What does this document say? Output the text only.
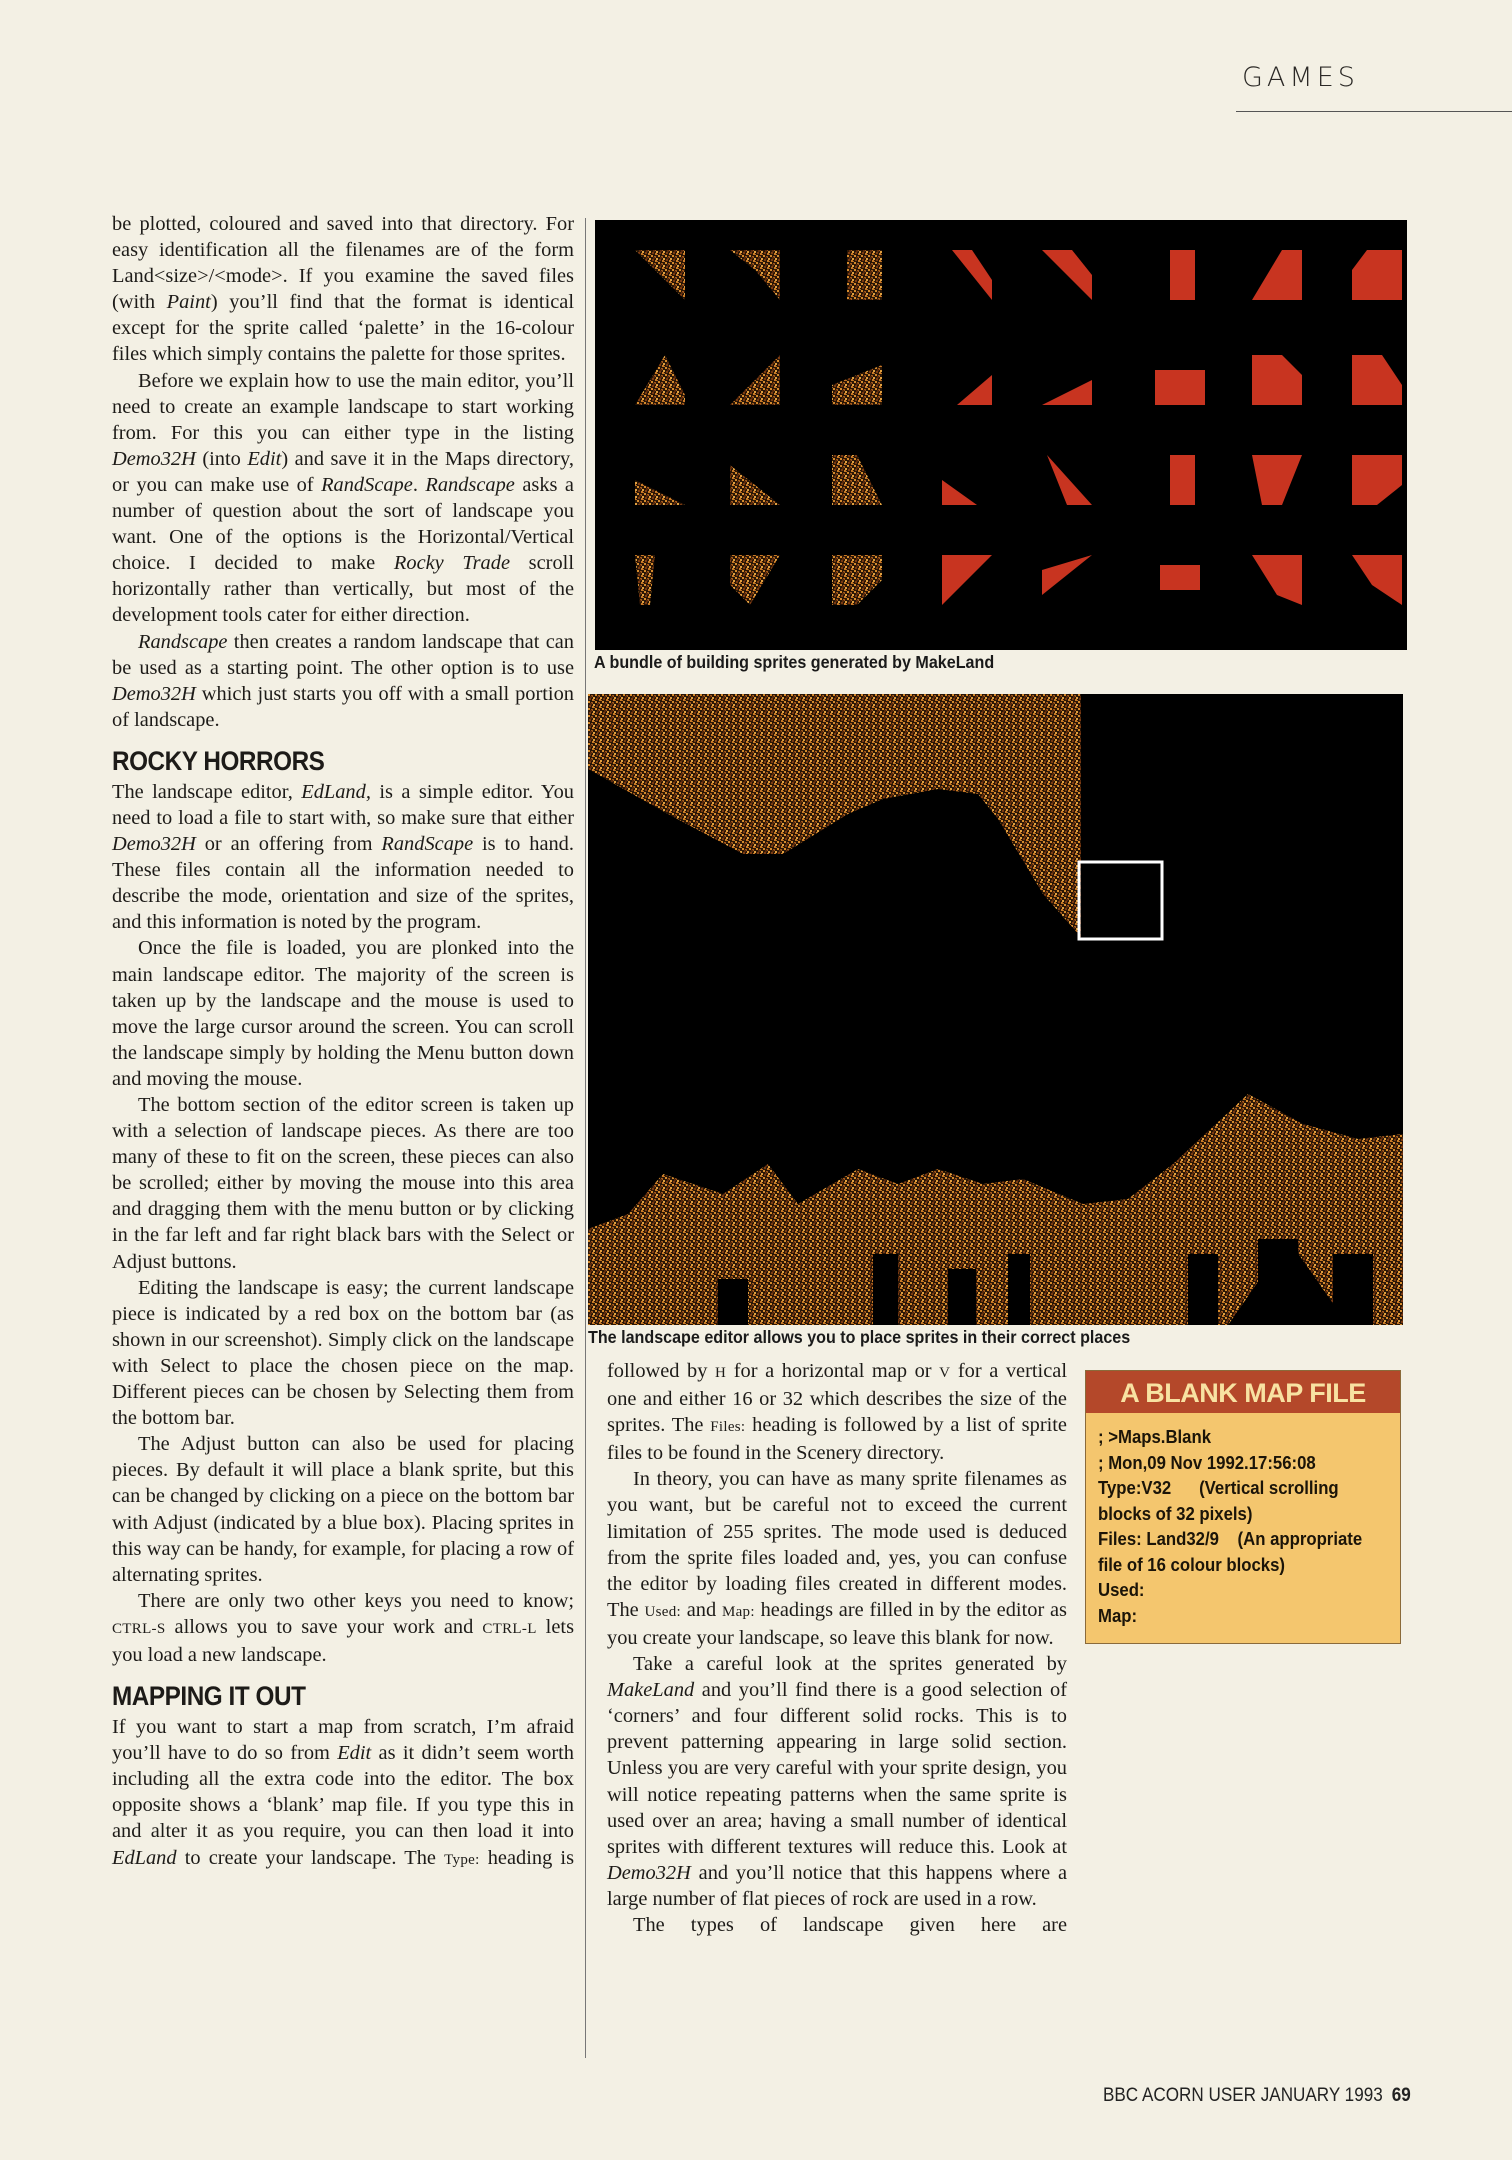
GAMES

be plotted, coloured and saved into that directory. For easy identification all the filenames are of the form Land<size>/<mode>. If you examine the saved files (with Paint) you’ll find that the format is identical except for the sprite called ‘palette’ in the 16-colour files which simply contains the palette for those sprites.

Before we explain how to use the main editor, you’ll need to create an example landscape to start working from. For this you can either type in the listing Demo32H (into Edit) and save it in the Maps directory, or you can make use of RandScape. Randscape asks a number of question about the sort of landscape you want. One of the options is the Horizontal/Vertical choice. I decided to make Rocky Trade scroll horizontally rather than vertically, but most of the development tools cater for either direction.

Randscape then creates a random landscape that can be used as a starting point. The other option is to use Demo32H which just starts you off with a small portion of landscape.

ROCKY HORRORS

The landscape editor, EdLand, is a simple editor. You need to load a file to start with, so make sure that either Demo32H or an offering from RandScape is to hand. These files contain all the information needed to describe the mode, orientation and size of the sprites, and this information is noted by the program.

Once the file is loaded, you are plonked into the main landscape editor. The majority of the screen is taken up by the landscape and the mouse is used to move the large cursor around the screen. You can scroll the landscape simply by holding the Menu button down and moving the mouse.

The bottom section of the editor screen is taken up with a selection of landscape pieces. As there are too many of these to fit on the screen, these pieces can also be scrolled; either by moving the mouse into this area and dragging them with the menu button or by clicking in the far left and far right black bars with the Select or Adjust buttons.

Editing the landscape is easy; the current landscape piece is indicated by a red box on the bottom bar (as shown in our screenshot). Simply click on the landscape with Select to place the chosen piece on the map. Different pieces can be chosen by Selecting them from the bottom bar.

The Adjust button can also be used for placing pieces. By default it will place a blank sprite, but this can be changed by clicking on a piece on the bottom bar with Adjust (indicated by a blue box). Placing sprites in this way can be handy, for example, for placing a row of alternating sprites.

There are only two other keys you need to know; CTRL-S allows you to save your work and CTRL-L lets you load a new landscape.

MAPPING IT OUT

If you want to start a map from scratch, I’m afraid you’ll have to do so from Edit as it didn’t seem worth including all the extra code into the editor. The box opposite shows a ‘blank’ map file. If you type this in and alter it as you require, you can then load it into EdLand to create your landscape. The Type: heading is

A bundle of building sprites generated by MakeLand
The landscape editor allows you to place sprites in their correct places

followed by H for a horizontal map or V for a vertical one and either 16 or 32 which describes the size of the sprites. The Files: heading is followed by a list of sprite files to be found in the Scenery directory.

In theory, you can have as many sprite filenames as you want, but be careful not to exceed the current limitation of 255 sprites. The mode used is deduced from the sprite files loaded and, yes, you can confuse the editor by loading files created in different modes. The Used: and Map: headings are filled in by the editor as you create your landscape, so leave this blank for now.

Take a careful look at the sprites generated by MakeLand and you’ll find there is a good selection of ‘corners’ and four different solid rocks. This is to prevent patterning appearing in large solid section. Unless you are very careful with your sprite design, you will notice repeating patterns when the same sprite is used over an area; having a small number of identical sprites with different textures will reduce this. Look at Demo32H and you’ll notice that this happens where a large number of flat pieces of rock are used in a row.

The types of landscape given here are

A BLANK MAP FILE
; >Maps.Blank
; Mon,09 Nov 1992.17:56:08
Type:V32      (Vertical scrolling
blocks of 32 pixels)
Files: Land32/9    (An appropriate
file of 16 colour blocks)
Used:
Map:
BBC ACORN USER JANUARY 1993 69
